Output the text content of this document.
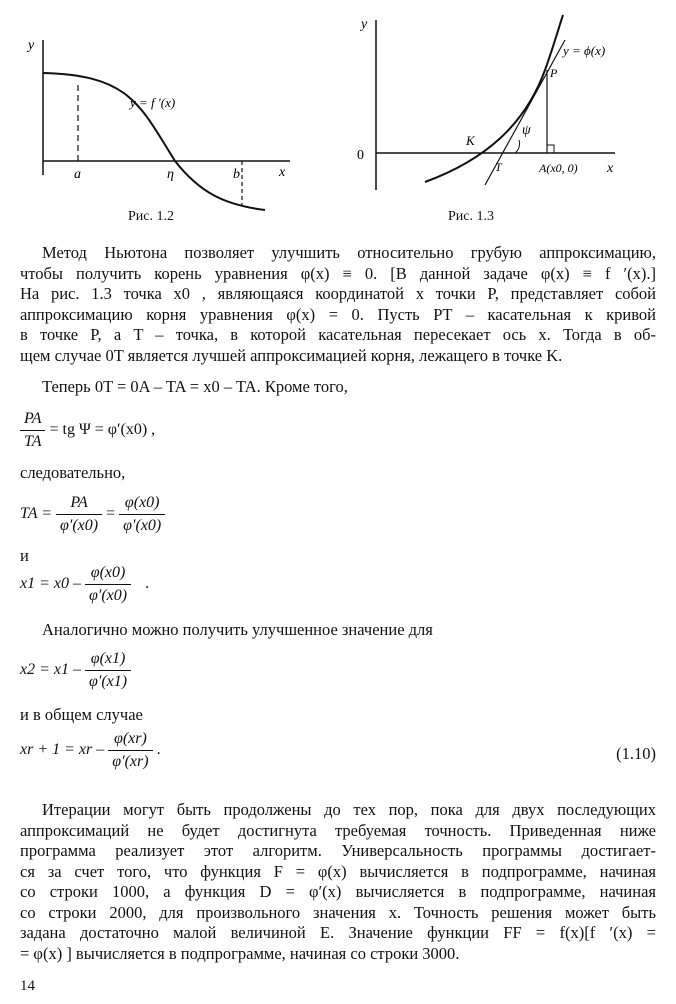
y
x
y = f ′(x)
a	η	b
Рис. 1.2
y
x
0
y = ϕ(x)
P
K
T
ψ
A(x0, 0)
Рис. 1.3
Метод Ньютона позволяет улучшить относительно грубую аппроксимацию,
чтобы получить корень уравнения φ(x) ≡ 0. [В данной задаче φ(x) ≡ f ′(x).]
На рис. 1.3 точка x0 , являющаяся координатой x точки P, представляет собой
аппроксимацию корня уравнения φ(x) = 0. Пусть PT – касательная к кривой
в точке P, а T – точка, в которой касательная пересекает ось x. Тогда в об-
щем случае 0T является лучшей аппроксимацией корня, лежащего в точке K.
Теперь 0T = 0A – TA = x0 – TA. Кроме того,
$\frac{PA}{TA}$ = tg Ψ = φ′(x0) ,
следовательно,
TA = $\frac{PA}{\varphi'(x0)} = \frac{\varphi(x0)}{\varphi'(x0)}$
и
$x1 = x0 - \frac{\varphi(x0)}{\varphi'(x0)}$ .
Аналогично можно получить улучшенное значение для
$x2 = x1 - \frac{\varphi(x1)}{\varphi'(x1)}$
и в общем случае
xr + 1 = xr – $\frac{\varphi(xr)}{\varphi'(xr)}$ .	(1.10)
Итерации могут быть продолжены до тех пор, пока для двух последующих
аппроксимаций не будет достигнута требуемая точность. Приведенная ниже
программа реализует этот алгоритм. Универсальность программы достигает-
ся за счет того, что функция F = φ(x) вычисляется в подпрограмме, начиная
со строки 1000, а функция D = φ′(x) вычисляется в подпрограмме, начиная
со строки 2000, для произвольного значения x. Точность решения может быть
задана достаточно малой величиной E. Значение функции FF = f(x)[f ′(x) =
= φ(x) ] вычисляется в подпрограмме, начиная со строки 3000.
14
